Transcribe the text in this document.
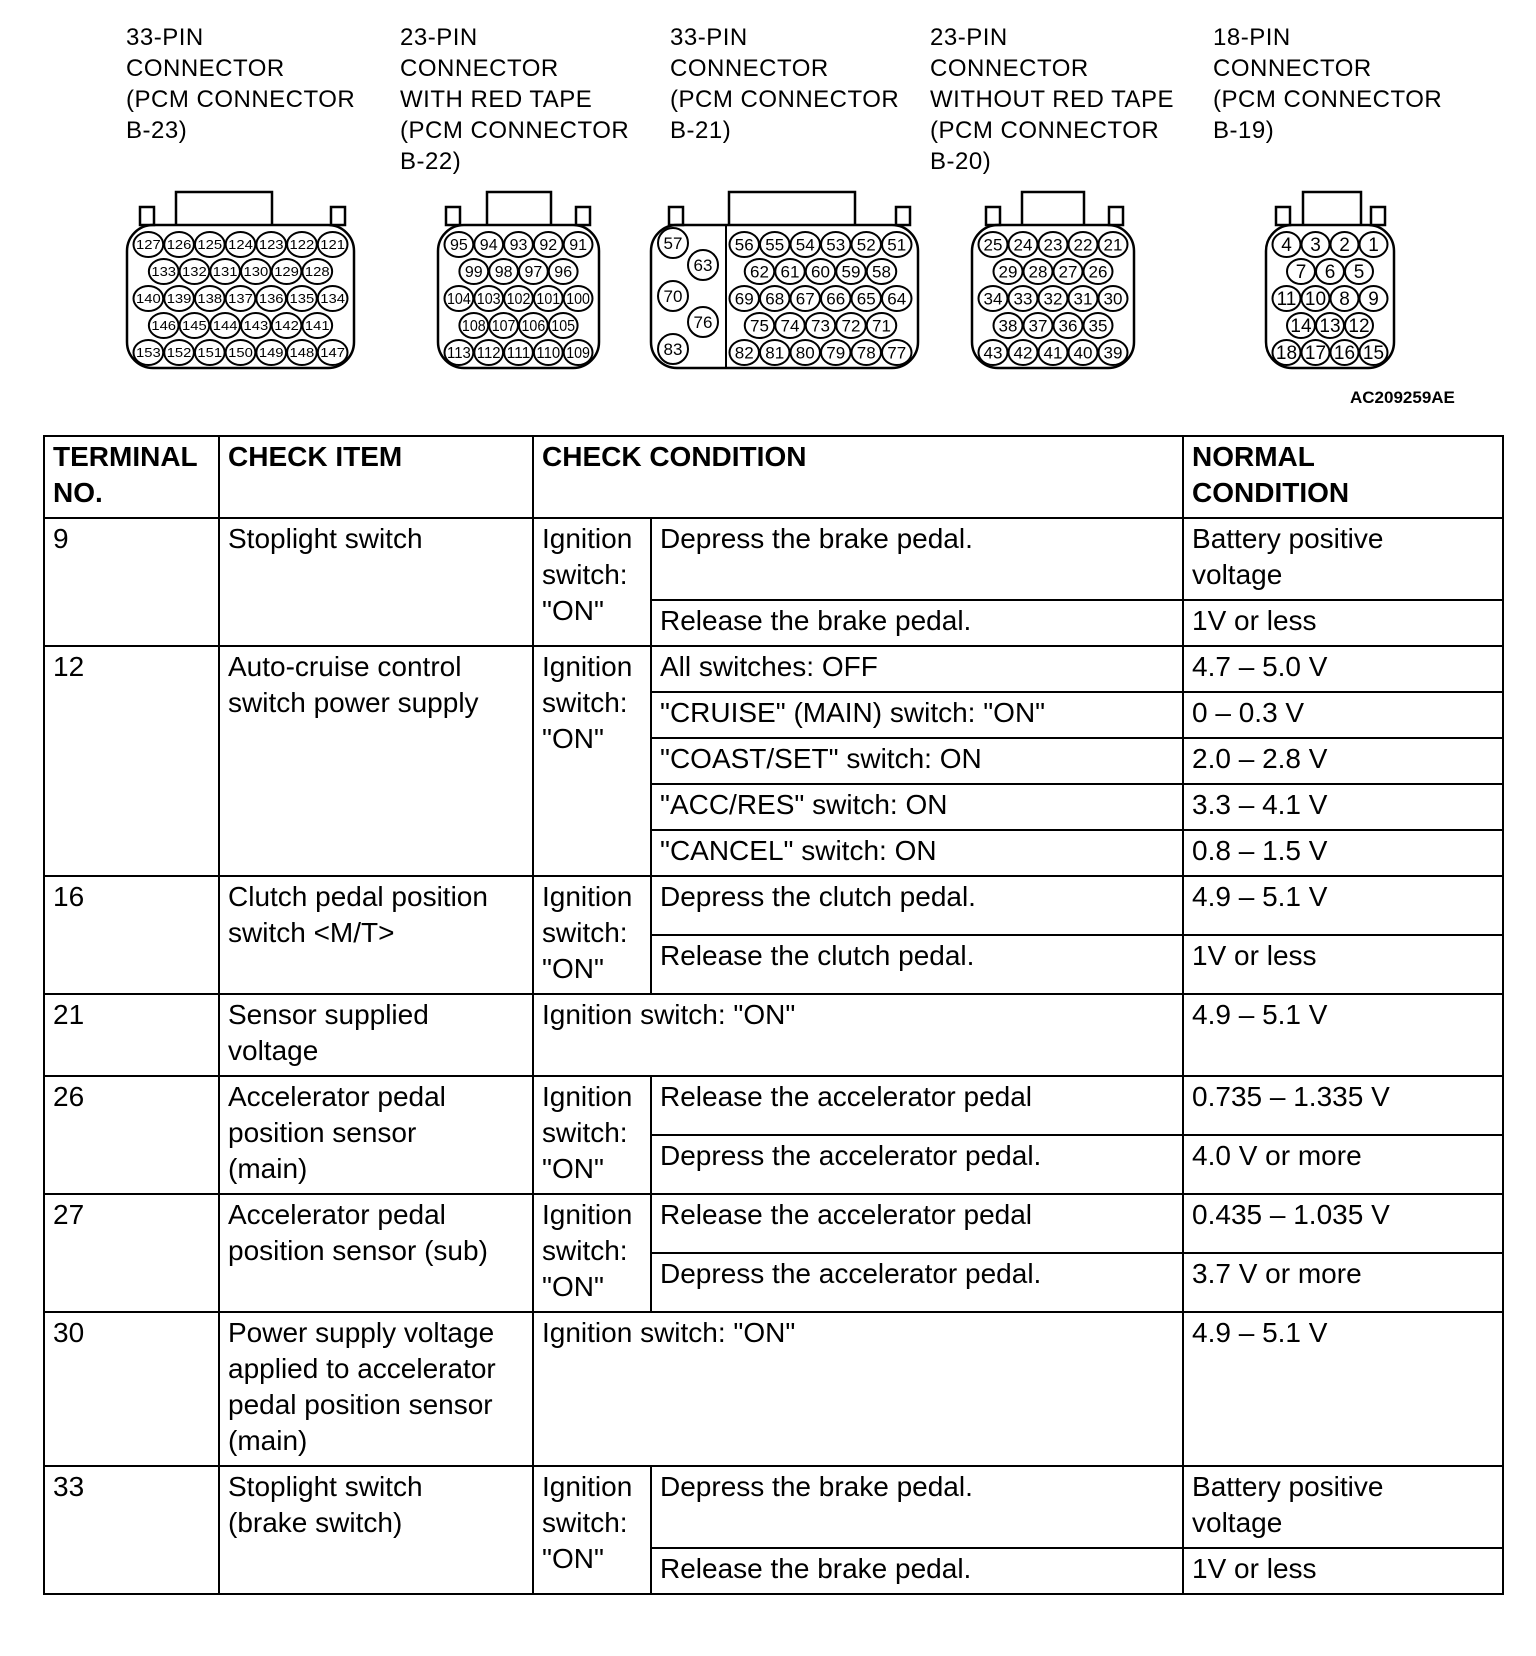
33-PIN
CONNECTOR
(PCM CONNECTOR
B-23)
23-PIN
CONNECTOR
WITH RED TAPE
(PCM CONNECTOR
B-22)
33-PIN
CONNECTOR
(PCM CONNECTOR
B-21)
23-PIN
CONNECTOR
WITHOUT RED TAPE
(PCM CONNECTOR
B-20)
18-PIN
CONNECTOR
(PCM CONNECTOR
B-19)
127 126 125 124 123 122 121
133 132 131 130 129 128
140 139 138 137 136 135 134
146 145 144 143 142 141
153 152 151 150 149 148 147
95 94 93 92 91
99 98 97 96
104 103 102 101 100
108 107 106 105
113 112 111 110 109
57
63
70
76
83
56 55 54 53 52 51
62 61 60 59 58
69 68 67 66 65 64
75 74 73 72 71
82 81 80 79 78 77
25 24 23 22 21
29 28 27 26
34 33 32 31 30
38 37 36 35
43 42 41 40 39
4 3 2 1
7 6 5
11 10 8 9
14 13 12
18 17 16 15
AC209259AE
TERMINAL
NO.	CHECK ITEM	CHECK CONDITION		NORMAL
CONDITION
9	Stoplight switch	Ignition
switch:
"ON"	Depress the brake pedal.	Battery positive
voltage
			Release the brake pedal.	1V or less
12	Auto-cruise control
switch power supply	Ignition
switch:
"ON"	All switches: OFF	4.7 – 5.0 V
			"CRUISE" (MAIN) switch: "ON"	0 – 0.3 V
			"COAST/SET" switch: ON	2.0 – 2.8 V
			"ACC/RES" switch: ON	3.3 – 4.1 V
			"CANCEL" switch: ON	0.8 – 1.5 V
16	Clutch pedal position
switch <M/T>	Ignition
switch:
"ON"	Depress the clutch pedal.	4.9 – 5.1 V
			Release the clutch pedal.	1V or less
21	Sensor supplied
voltage	Ignition switch: "ON"		4.9 – 5.1 V
26	Accelerator pedal
position sensor
(main)	Ignition
switch:
"ON"	Release the accelerator pedal	0.735 – 1.335 V
			Depress the accelerator pedal.	4.0 V or more
27	Accelerator pedal
position sensor (sub)	Ignition
switch:
"ON"	Release the accelerator pedal	0.435 – 1.035 V
			Depress the accelerator pedal.	3.7 V or more
30	Power supply voltage
applied to accelerator
pedal position sensor
(main)	Ignition switch: "ON"		4.9 – 5.1 V
33	Stoplight switch
(brake switch)	Ignition
switch:
"ON"	Depress the brake pedal.	Battery positive
voltage
			Release the brake pedal.	1V or less
